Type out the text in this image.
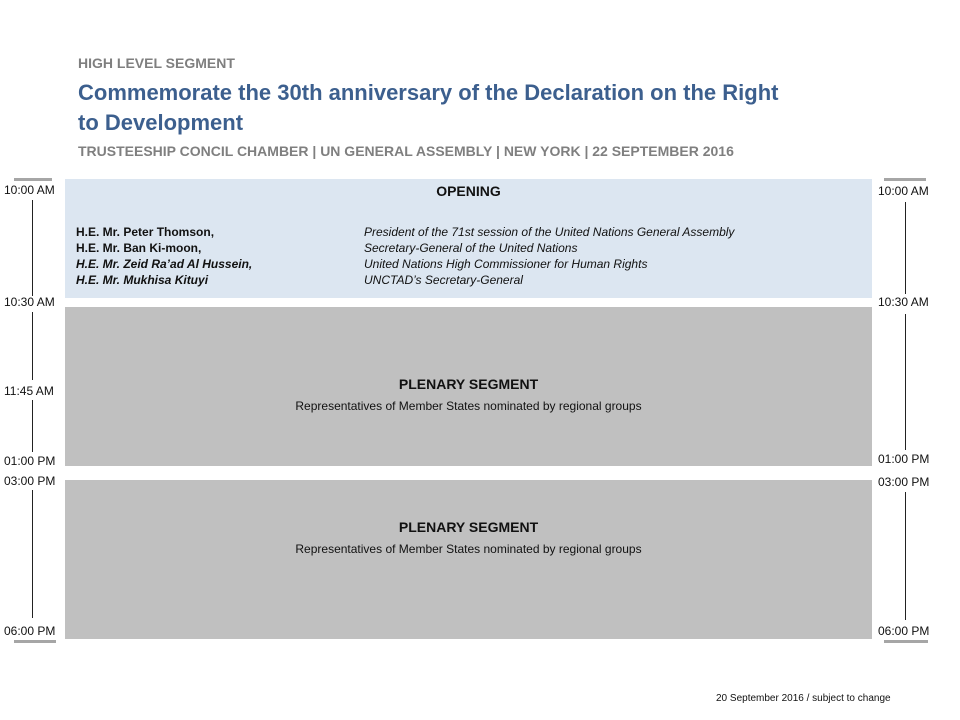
HIGH LEVEL SEGMENT
Commemorate the 30th anniversary of the Declaration on the Right to Development
TRUSTEESHIP CONCIL CHAMBER | UN GENERAL ASSEMBLY | NEW YORK | 22 SEPTEMBER 2016
10:00 AM
10:30 AM
11:45 AM
01:00 PM
03:00 PM
06:00 PM
10:00 AM
10:30 AM
01:00 PM
03:00 PM
06:00 PM
OPENING
H.E. Mr. Peter Thomson,	President of the 71st session of the United Nations General Assembly
H.E. Mr. Ban Ki-moon,	Secretary-General of the United Nations
H.E. Mr. Zeid Ra’ad Al Hussein,	United Nations High Commissioner for Human Rights
H.E. Mr. Mukhisa Kituyi	UNCTAD’s Secretary-General
PLENARY SEGMENT
Representatives of Member States nominated by regional groups
PLENARY SEGMENT
Representatives of Member States nominated by regional groups
20 September 2016 / subject to change
